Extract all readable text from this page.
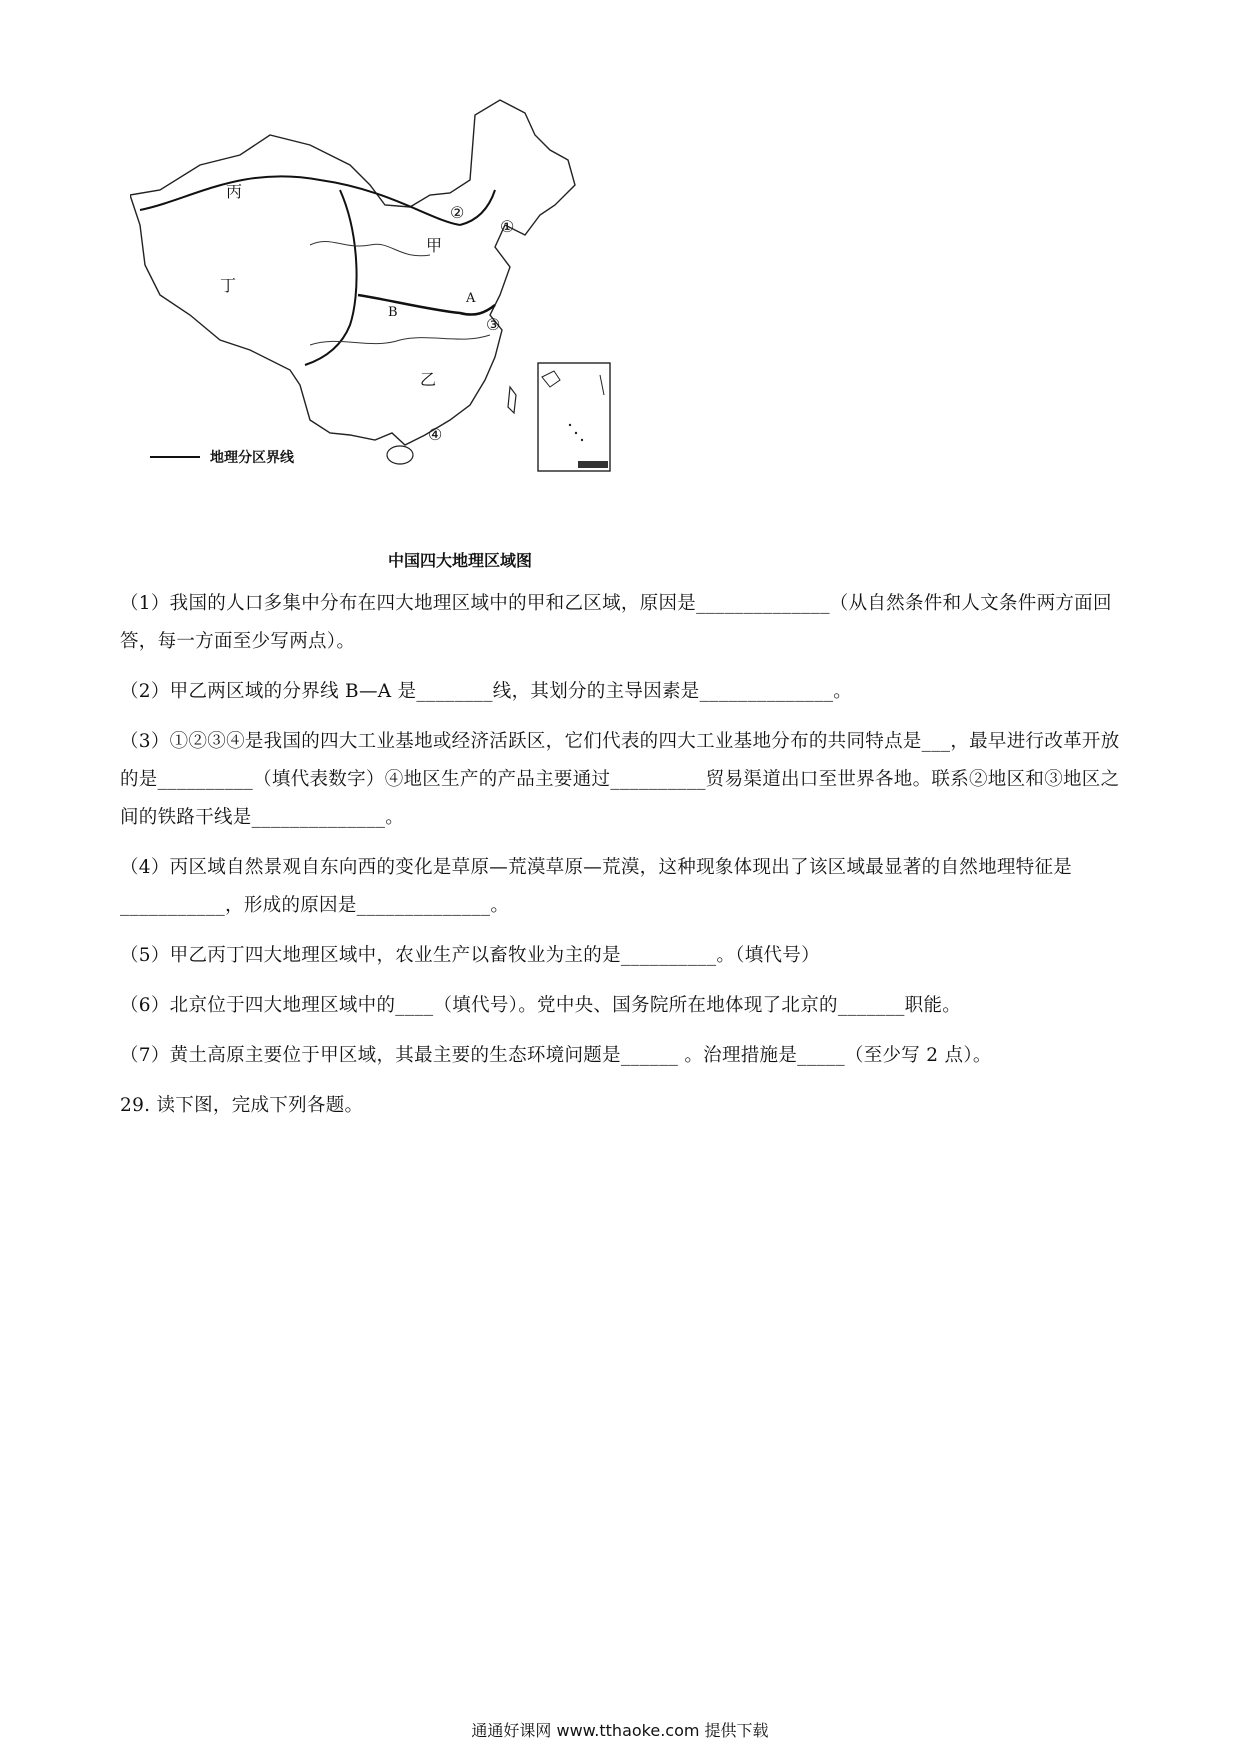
丙
丁
甲
乙
A
B
①
②
③
④
地理分区界线
中国四大地理区域图

（1）我国的人口多集中分布在四大地理区域中的甲和乙区域，原因是______________（从自然条件和人文条件两方面回答，每一方面至少写两点）。

（2）甲乙两区域的分界线 B—A 是________线，其划分的主导因素是______________。

（3）①②③④是我国的四大工业基地或经济活跃区，它们代表的四大工业基地分布的共同特点是___，最早进行改革开放的是__________（填代表数字）④地区生产的产品主要通过__________贸易渠道出口至世界各地。联系②地区和③地区之间的铁路干线是______________。

（4）丙区域自然景观自东向西的变化是草原—荒漠草原—荒漠，这种现象体现出了该区域最显著的自然地理特征是___________，形成的原因是______________。

（5）甲乙丙丁四大地理区域中，农业生产以畜牧业为主的是__________。（填代号）

（6）北京位于四大地理区域中的____（填代号）。党中央、国务院所在地体现了北京的_______职能。

（7）黄土高原主要位于甲区域，其最主要的生态环境问题是______ 。治理措施是_____（至少写 2 点）。

29. 读下图，完成下列各题。

通通好课网 www.tthaoke.com 提供下载
